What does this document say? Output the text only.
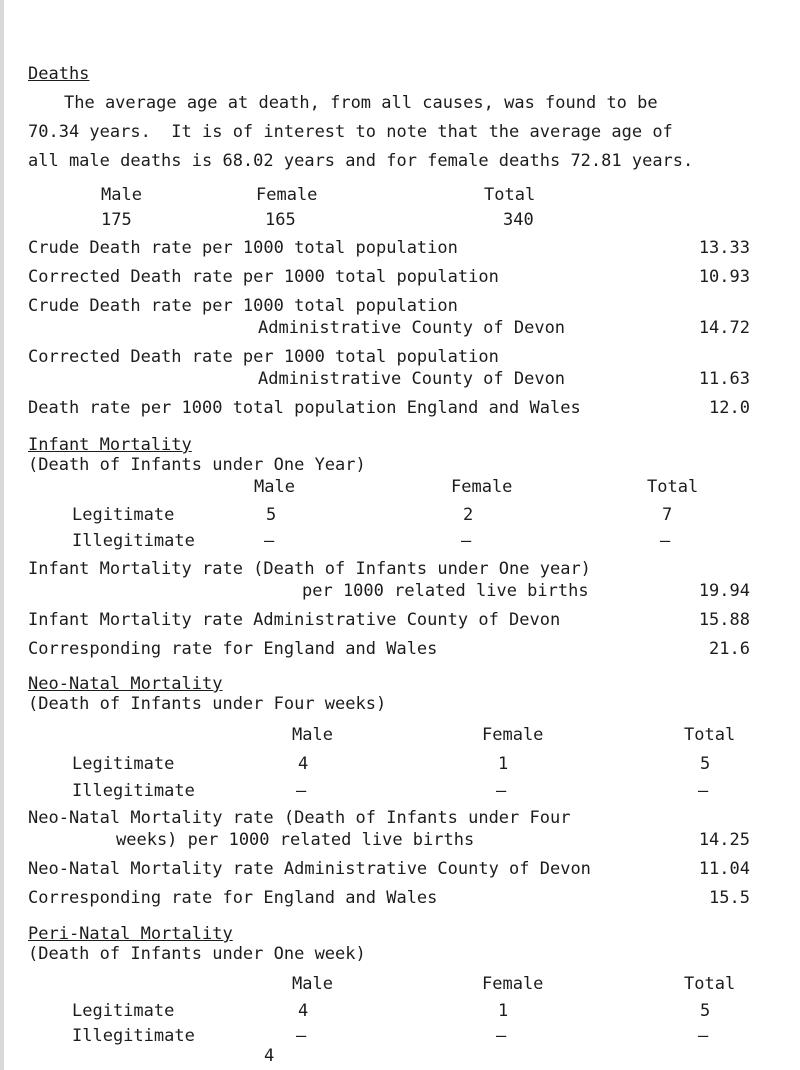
Deaths
The average age at death, from all causes, was found to be
70.34 years.  It is of interest to note that the average age of
all male deaths is 68.02 years and for female deaths 72.81 years.
Male	Female	Total
175	165	340
Crude Death rate per 1000 total population	13.33
Corrected Death rate per 1000 total population	10.93
Crude Death rate per 1000 total population
Administrative County of Devon	14.72
Corrected Death rate per 1000 total population
Administrative County of Devon	11.63
Death rate per 1000 total population England and Wales	12.0
Infant Mortality
(Death of Infants under One Year)
Male	Female	Total
Legitimate	5	2	7
Illegitimate	–	–	–
Infant Mortality rate (Death of Infants under One year)
per 1000 related live births	19.94
Infant Mortality rate Administrative County of Devon	15.88
Corresponding rate for England and Wales	21.6
Neo-Natal Mortality
(Death of Infants under Four weeks)
Male	Female	Total
Legitimate	4	1	5
Illegitimate	–	–	–
Neo-Natal Mortality rate (Death of Infants under Four
weeks) per 1000 related live births	14.25
Neo-Natal Mortality rate Administrative County of Devon	11.04
Corresponding rate for England and Wales	15.5
Peri-Natal Mortality
(Death of Infants under One week)
Male	Female	Total
Legitimate	4	1	5
Illegitimate	–	–	–
4
